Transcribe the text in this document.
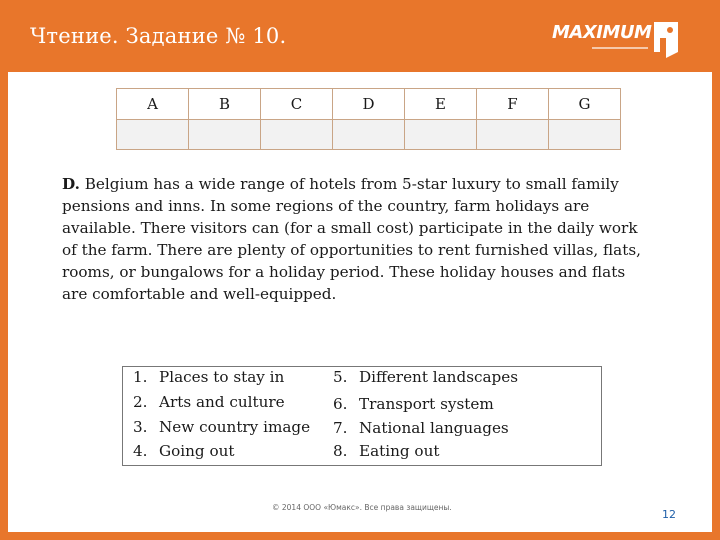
Чтение. Задание № 10.	MAXIMUM
A	B	C	D	E	F	G

D. Belgium has a wide range of hotels from 5-star luxury to small family
pensions and inns. In some regions of the country, farm holidays are
available. There visitors can (for a small cost) participate in the daily work
of the farm. There are plenty of opportunities to rent furnished villas, flats,
rooms, or bungalows for a holiday period. These holiday houses and flats
are comfortable and well-equipped.
1. Places to stay in
2. Arts and culture
3. New country image
4. Going out
5. Different landscapes
6. Transport system
7. National languages
8. Eating out
© 2014 ООО «Юмакс». Все права защищены.
12
